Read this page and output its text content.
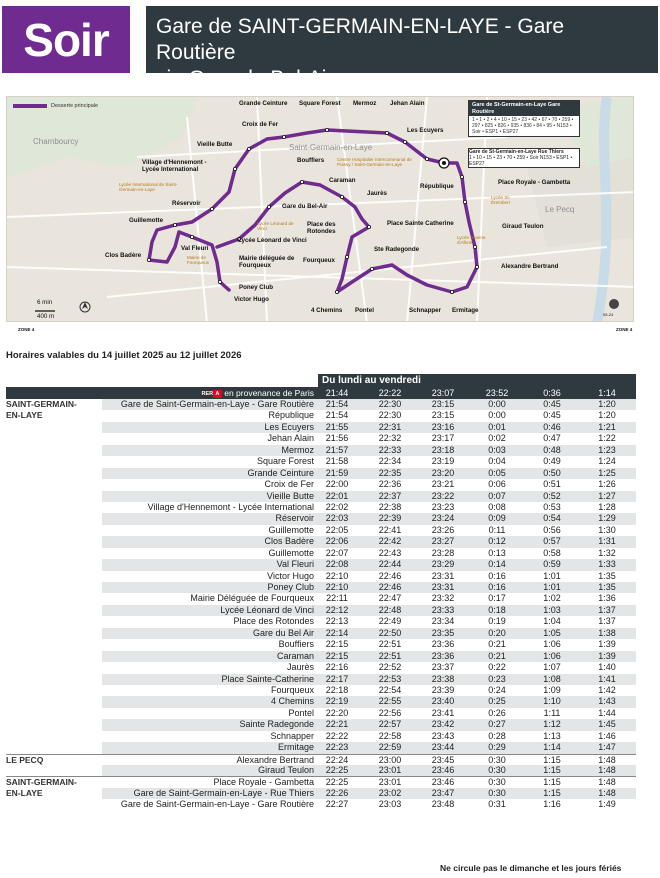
Soir Gare de SAINT-GERMAIN-EN-LAYE - Gare Routière
via Gare du Bel-Air
Desserte principale
Chambourcy
Saint-Germain-en-Laye
Le Pecq
Grande Ceinture Square Forest Mermoz Jehan Alain
Croix de Fer
Les Ecuyers
Vieille Butte
Village d'Hennemont - Lycée International
Bouffiers
Caraman
République
Réservoir	Gare du Bel-Air
Jaurès
Guillemotte
Place des Rotondes
Place Sainte Catherine
Val Fleuri
Lycée Léonard de Vinci
Clos Badère	Mairie déléguée de Fourqueux
Poney Club
Victor Hugo
Fourqueux
Ste Radegonde
Giraud Teulon
Alexandre Bertrand
4 Chemins Pontel	Schnapper Ermitage
Place Royale - Gambetta
Centre Hospitalier Intercommunal de Poissy / Saint-Germain-en-Laye
Lycée International de Saint-Germain-en-Laye
Lycée Léonard de Vinci
Mairie de Fourqueux
Lycée Jeanne d'Albret
Lycée St-Érembert
Gare de St-Germain-en-Laye Gare Routière
1 • 1 • 2 • 4 • 10 • 15 • 23 • 42 • 67 • 70 • 259 • 297 • 825 • 826 • 935 • 836 • 84 • 95 • N153 • Soir • ESP1 • ESP27
Gare de St-Germain-en-Laye Rue Thiers
1 • 10 • 15 • 23 • 70 • 259 • Soir N153 • ESP1 • ESP27
6 min
400 m	05-24
ZONE 4	ZONE 4
Horaires valables du 14 juillet 2025 au 12 juillet 2026
Du lundi au vendredi
RER A en provenance de Paris	21:44	22:22	23:07	23:52	0:36	1:14
SAINT-GERMAIN-	Gare de Saint-Germain-en-Laye - Gare Routière	21:54	22:30	23:15	0:00	0:45	1:20
EN-LAYE	République	21:54	22:30	23:15	0:00	0:45	1:20
Les Ecuyers	21:55	22:31	23:16	0:01	0:46	1:21
Jehan Alain	21:56	22:32	23:17	0:02	0:47	1:22
Mermoz	21:57	22:33	23:18	0:03	0:48	1:23
Square Forest	21:58	22:34	23:19	0:04	0:49	1:24
Grande Ceinture	21:59	22:35	23:20	0:05	0:50	1:25
Croix de Fer	22:00	22:36	23:21	0:06	0:51	1:26
Vieille Butte	22:01	22:37	23:22	0:07	0:52	1:27
Village d'Hennemont - Lycée International	22:02	22:38	23:23	0:08	0:53	1:28
Réservoir	22:03	22:39	23:24	0:09	0:54	1:29
Guillemotte	22:05	22:41	23:26	0:11	0:56	1:30
Clos Badère	22:06	22:42	23:27	0:12	0:57	1:31
Guillemotte	22:07	22:43	23:28	0:13	0:58	1:32
Val Fleuri	22:08	22:44	23:29	0:14	0:59	1:33
Victor Hugo	22:10	22:46	23:31	0:16	1:01	1:35
Poney Club	22:10	22:46	23:31	0:16	1:01	1:35
Mairie Déléguée de Fourqueux	22:11	22:47	23:32	0:17	1:02	1:36
Lycée Léonard de Vinci	22:12	22:48	23:33	0:18	1:03	1:37
Place des Rotondes	22:13	22:49	23:34	0:19	1:04	1:37
Gare du Bel Air	22:14	22:50	23:35	0:20	1:05	1:38
Bouffiers	22:15	22:51	23:36	0:21	1:06	1:39
Caraman	22:15	22:51	23:36	0:21	1:06	1:39
Jaurès	22:16	22:52	23:37	0:22	1:07	1:40
Place Sainte-Catherine	22:17	22:53	23:38	0:23	1:08	1:41
Fourqueux	22:18	22:54	23:39	0:24	1:09	1:42
4 Chemins	22:19	22:55	23:40	0:25	1:10	1:43
Pontel	22:20	22:56	23:41	0:26	1:11	1:44
Sainte Radegonde	22:21	22:57	23:42	0:27	1:12	1:45
Schnapper	22:22	22:58	23:43	0:28	1:13	1:46
Ermitage	22:23	22:59	23:44	0:29	1:14	1:47
LE PECQ	Alexandre Bertrand	22:24	23:00	23:45	0:30	1:15	1:48
Giraud Teulon	22:25	23:01	23:46	0:30	1:15	1:48
SAINT-GERMAIN-	Place Royale - Gambetta	22:25	23:01	23:46	0:30	1:15	1:48
EN-LAYE	Gare de Saint-Germain-en-Laye - Rue Thiers	22:26	23:02	23:47	0:30	1:15	1:48
Gare de Saint-Germain-en-Laye - Gare Routière	22:27	23:03	23:48	0:31	1:16	1:49
Ne circule pas le dimanche et les jours fériés
